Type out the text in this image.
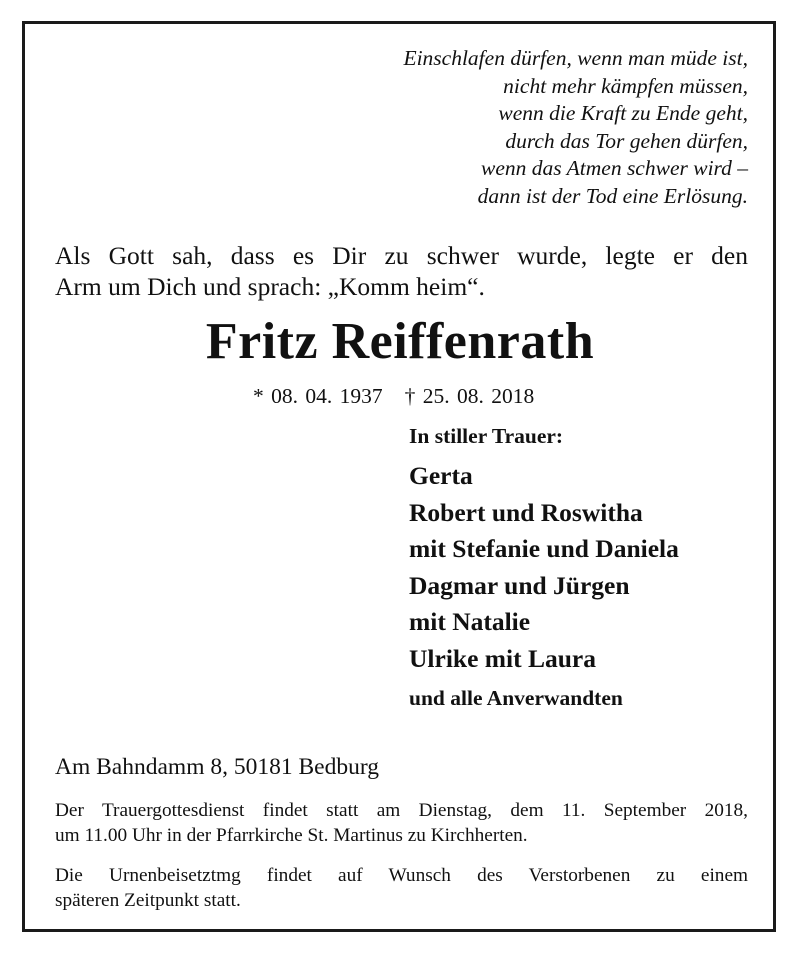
Einschlafen dürfen, wenn man müde ist,
nicht mehr kämpfen müssen,
wenn die Kraft zu Ende geht,
durch das Tor gehen dürfen,
wenn das Atmen schwer wird –
dann ist der Tod eine Erlösung.
Als Gott sah, dass es Dir zu schwer wurde, legte er den
Arm um Dich und sprach: „Komm heim“.
Fritz Reiffenrath
* 08. 04. 1937 † 25. 08. 2018
In stiller Trauer:
Gerta
Robert und Roswitha
mit Stefanie und Daniela
Dagmar und Jürgen
mit Natalie
Ulrike mit Laura
und alle Anverwandten
Am Bahndamm 8, 50181 Bedburg
Der Trauergottesdienst findet statt am Dienstag, dem 11. September 2018,
um 11.00 Uhr in der Pfarrkirche St. Martinus zu Kirchherten.
Die Urnenbeisetztmg findet auf Wunsch des Verstorbenen zu einem
späteren Zeitpunkt statt.
